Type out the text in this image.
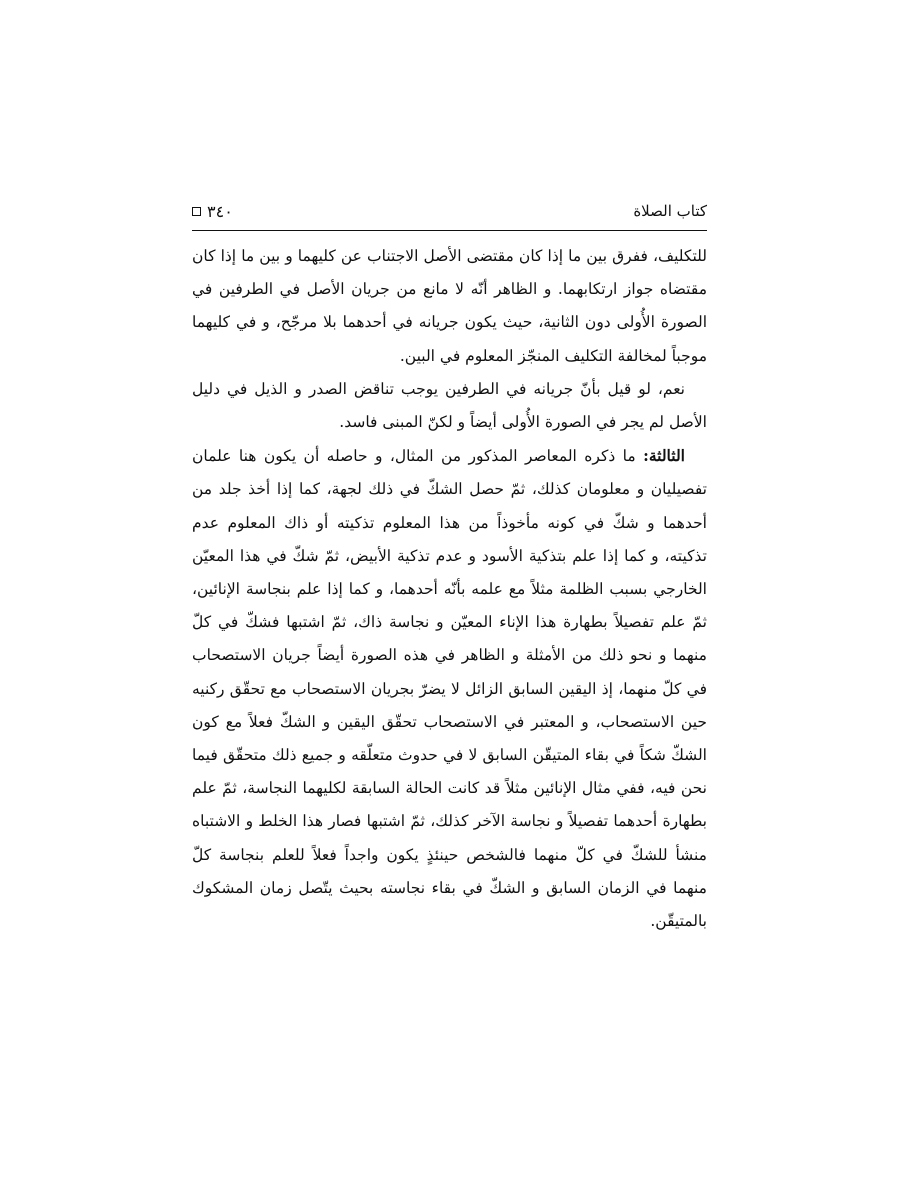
كتاب الصلاة
٣٤٠

للتكليف، ففرق بين ما إذا كان مقتضى الأصل الاجتناب عن كليهما و بين ما إذا كان مقتضاه جواز ارتكابهما. و الظاهر أنّه لا مانع من جريان الأصل في الطرفين في الصورة الأُولى دون الثانية، حيث يكون جريانه في أحدهما بلا مرجّح، و في كليهما موجباً لمخالفة التكليف المنجّز المعلوم في البين.

نعم، لو قيل بأنّ جريانه في الطرفين يوجب تناقض الصدر و الذيل في دليل الأصل لم يجر في الصورة الأُولى أيضاً و لكنّ المبنى فاسد.

الثالثة: ما ذكره المعاصر المذكور من المثال، و حاصله أن يكون هنا علمان تفصيليان و معلومان كذلك، ثمّ حصل الشكّ في ذلك لجهة، كما إذا أخذ جلد من أحدهما و شكّ في كونه مأخوذاً من هذا المعلوم تذكيته أو ذاك المعلوم عدم تذكيته، و كما إذا علم بتذكية الأسود و عدم تذكية الأبيض، ثمّ شكّ في هذا المعيّن الخارجي بسبب الظلمة مثلاً مع علمه بأنّه أحدهما، و كما إذا علم بنجاسة الإنائين، ثمّ علم تفصيلاً بطهارة هذا الإناء المعيّن و نجاسة ذاك، ثمّ اشتبها فشكّ في كلّ منهما و نحو ذلك من الأمثلة و الظاهر في هذه الصورة أيضاً جريان الاستصحاب في كلّ منهما، إذ اليقين السابق الزائل لا يضرّ بجريان الاستصحاب مع تحقّق ركنيه حين الاستصحاب، و المعتبر في الاستصحاب تحقّق اليقين و الشكّ فعلاً مع كون الشكّ شكاً في بقاء المتيقّن السابق لا في حدوث متعلّقه و جميع ذلك متحقّق فيما نحن فيه، ففي مثال الإنائين مثلاً قد كانت الحالة السابقة لكليهما النجاسة، ثمّ علم بطهارة أحدهما تفصيلاً و نجاسة الآخر كذلك، ثمّ اشتبها فصار هذا الخلط و الاشتباه منشأ للشكّ في كلّ منهما فالشخص حينئذٍ يكون واجداً فعلاً للعلم بنجاسة كلّ منهما في الزمان السابق و الشكّ في بقاء نجاسته بحيث يتّصل زمان المشكوك بالمتيقّن.
